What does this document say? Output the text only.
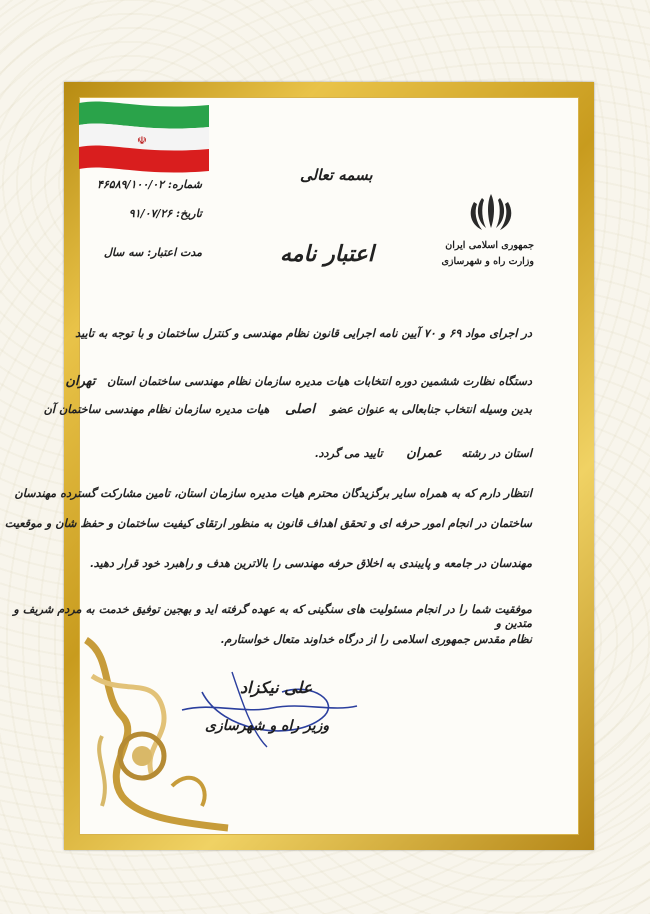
☫
بسمه تعالی
اعتبار نامه
شماره: ۴۶۵۸۹/۱۰۰/۰۲
تاریخ: ۹۱/۰۷/۲۶
مدت اعتبار: سه سال
جمهوری اسلامی ایران
وزارت راه و شهرسازی
در اجرای مواد ۶۹ و ۷۰ آیین نامه اجرایی قانون نظام مهندسی و کنترل ساختمان و با توجه به تایید
دستگاه نظارت ششمین دوره انتخابات هیات مدیره سازمان نظام مهندسی ساختمان استان   تهران
بدین وسیله انتخاب جنابعالی به عنوان عضو    اصلی    هیات مدیره سازمان نظام مهندسی ساختمان آن
استان در رشته     عمران      تایید می گردد.
انتظار دارم که به همراه سایر برگزیدگان محترم هیات مدیره سازمان استان، تامین مشارکت گسترده مهندسان
ساختمان در انجام امور حرفه ای و تحقق اهداف قانون به منظور ارتقای کیفیت ساختمان و حفظ شان و موقعیت
مهندسان در جامعه و پایبندی به اخلاق حرفه مهندسی را بالاترین هدف و راهبرد خود قرار دهید.
موفقیت شما را در انجام مسئولیت های سنگینی که به عهده گرفته اید و بهجین توفیق خدمت به مردم شریف و متدین و
نظام مقدس جمهوری اسلامی را از درگاه خداوند متعال خواستارم.
علی نیکزاد
وزیر راه و شهرسازی
